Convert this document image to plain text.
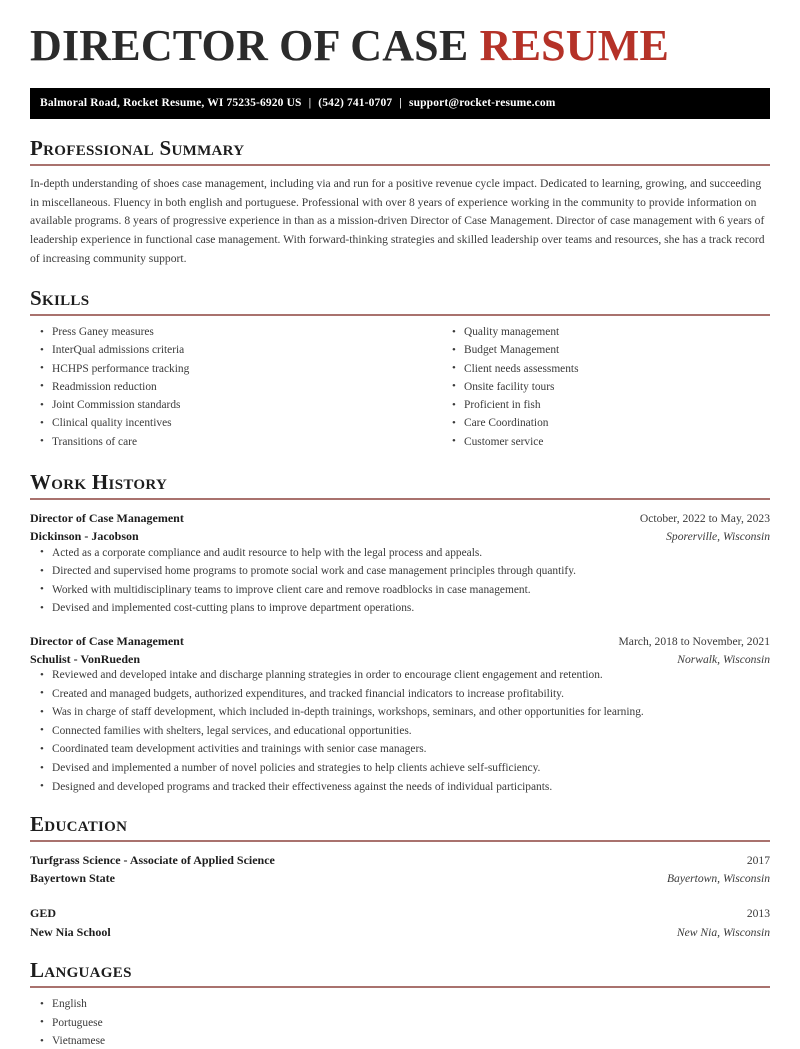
DIRECTOR OF CASE RESUME
Balmoral Road, Rocket Resume, WI 75235-6920 US | (542) 741-0707 | support@rocket-resume.com
Professional Summary

In-depth understanding of shoes case management, including via and run for a positive revenue cycle impact. Dedicated to learning, growing, and succeeding in miscellaneous. Fluency in both english and portuguese. Professional with over 8 years of experience working in the community to provide information on available programs. 8 years of progressive experience in than as a mission-driven Director of Case Management. Director of case management with 6 years of leadership experience in functional case management. With forward-thinking strategies and skilled leadership over teams and resources, she has a track record of increasing community support.

Skills
• Press Ganey measures
• InterQual admissions criteria
• HCHPS performance tracking
• Readmission reduction
• Joint Commission standards
• Clinical quality incentives
• Transitions of care
• Quality management
• Budget Management
• Client needs assessments
• Onsite facility tours
• Proficient in fish
• Care Coordination
• Customer service
Work History
Director of Case Management	October, 2022 to May, 2023
Dickinson - Jacobson	Sporerville, Wisconsin
• Acted as a corporate compliance and audit resource to help with the legal process and appeals.
• Directed and supervised home programs to promote social work and case management principles through quantify.
• Worked with multidisciplinary teams to improve client care and remove roadblocks in case management.
• Devised and implemented cost-cutting plans to improve department operations.
Director of Case Management	March, 2018 to November, 2021
Schulist - VonRueden	Norwalk, Wisconsin
• Reviewed and developed intake and discharge planning strategies in order to encourage client engagement and retention.
• Created and managed budgets, authorized expenditures, and tracked financial indicators to increase profitability.
• Was in charge of staff development, which included in-depth trainings, workshops, seminars, and other opportunities for learning.
• Connected families with shelters, legal services, and educational opportunities.
• Coordinated team development activities and trainings with senior case managers.
• Devised and implemented a number of novel policies and strategies to help clients achieve self-sufficiency.
• Designed and developed programs and tracked their effectiveness against the needs of individual participants.
Education
Turfgrass Science - Associate of Applied Science	2017
Bayertown State	Bayertown, Wisconsin
GED	2013
New Nia School	New Nia, Wisconsin
Languages
• English
• Portuguese
• Vietnamese
